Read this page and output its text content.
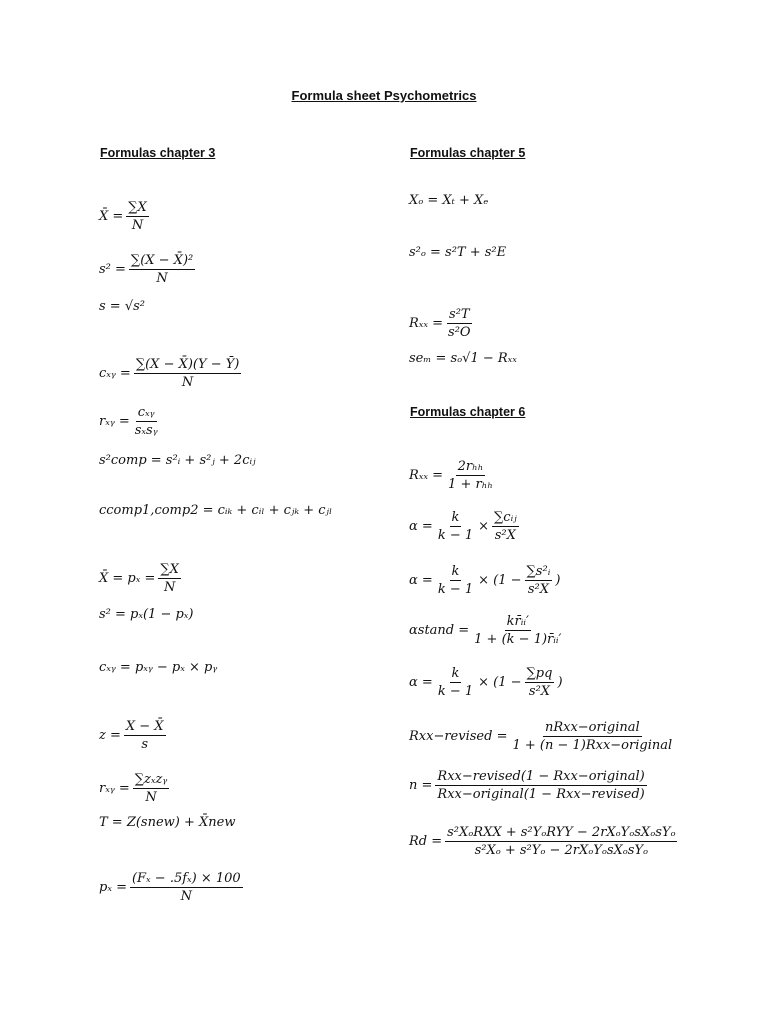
Formula sheet Psychometrics
Formulas chapter 3	Formulas chapter 5
Formulas chapter 6
X̄ = $\frac{\sum X}{N}$
$s^2 = \frac{\text{∑(X − X̄)²}}{N}$
s = √s²
cₓᵧ = $\frac{\sum(X - X̄)(Y - Ȳ)}{N}$
rₓᵧ = $\frac{\text{cₓᵧ}}{\text{sₓsᵧ}}$
s²comp = s²ᵢ + s²ⱼ + 2cᵢⱼ
ccomp1,comp2 = cᵢₖ + cᵢₗ + cⱼₖ + cⱼₗ
X̄ = $p_x = \frac{\sum X}{N}$
s² = pₓ(1 − pₓ)
cₓᵧ = pₓᵧ − pₓ × pᵧ
$z = \frac{X - X̄}{s}$
rₓᵧ = $\frac{\text{∑zₓzᵧ}}{N}$
T = Z(snew) + X̄new
$p_x = \frac{\text{(Fₓ − .5fₓ) × 100}}{N}$
Xₒ = Xₜ + Xₑ
s²ₒ = s²T + s²E
$R_{xx} = \frac{\text{s²T}}{\text{s²O}}$
seₘ = sₒ√1 − Rₓₓ
$R_{xx} = \frac{\text{2rₕₕ}}{\text{1 + rₕₕ}}$
$\alpha = \frac{k}{k - 1} \times \frac{\text{∑cᵢⱼ}}{\text{s²X}}$
$\alpha = \frac{k}{k - 1} \times (1 - \frac{\text{∑s²ᵢ}}{\text{s²X}}$ )
$\alpha stand = \frac{\text{kr̄ᵢᵢ′}}{\text{1 + (k − 1)r̄ᵢᵢ′}}$
$\alpha = \frac{k}{k - 1} \times (1 - \frac{\sum pq}{\text{s²X}}$ )
Rxx−revised = $\frac{\text{nRxx−original}}{\text{1 + (n − 1)Rxx−original}}$
$n = \frac{\text{Rxx−revised(1 − Rxx−original)}}{\text{Rxx−original(1 − Rxx−revised)}}$
$Rd = \frac{\text{s²XₒRXX + s²YₒRYY − 2rXₒYₒsXₒsYₒ}}{\text{s²Xₒ + s²Yₒ − 2rXₒYₒsXₒsYₒ}}$
